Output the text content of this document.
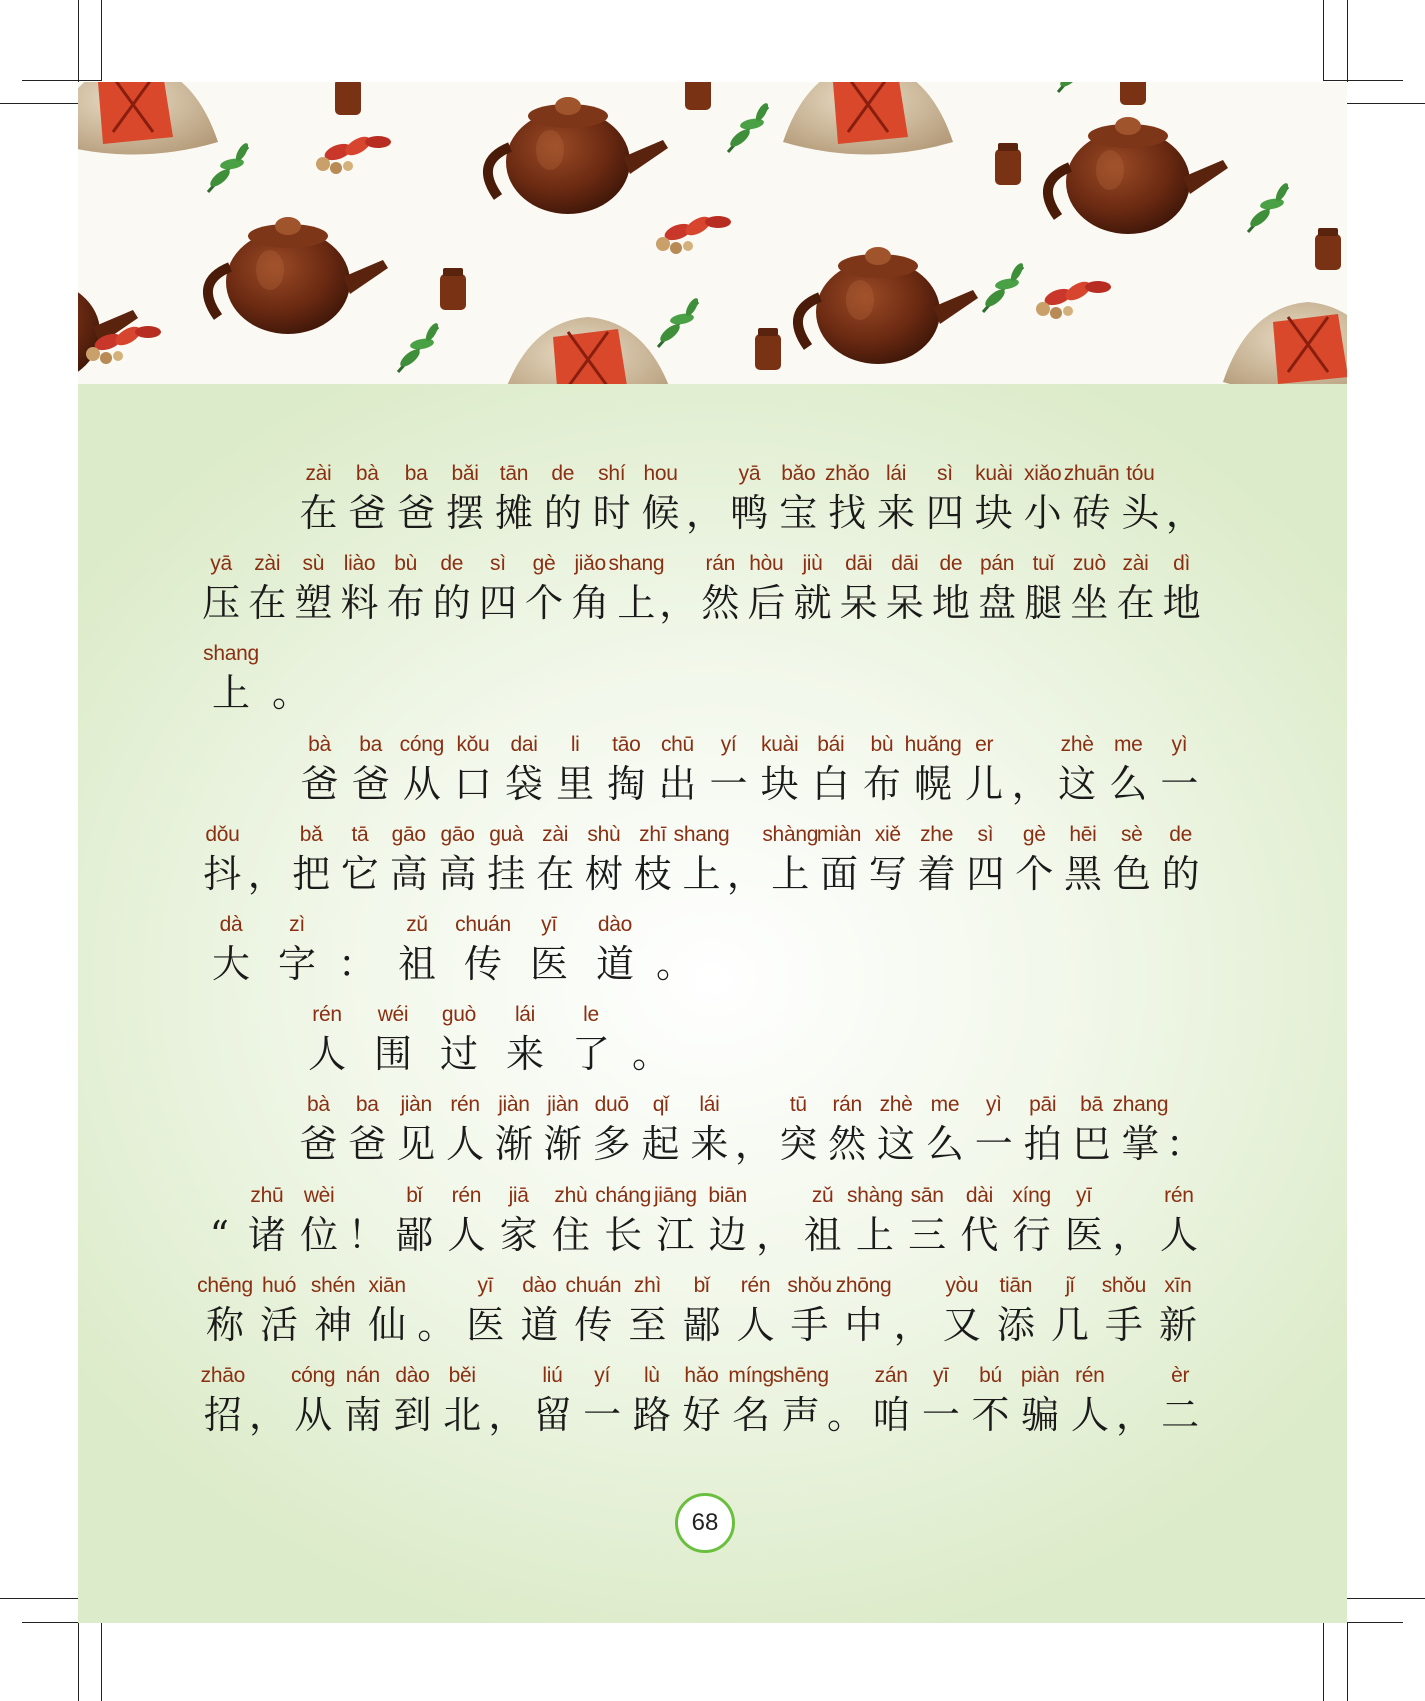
zài
在
bà
爸
ba
爸
bǎi
摆
tān
摊
de
的
shí
时
hou
候 ，
yā
鸭
bǎo
宝
zhǎo
找
lái
来
sì
四
kuài
块
xiǎo
小
zhuān
砖
tóu
头 ，
yā
压
zài
在
sù
塑
liào
料
bù
布
de
的
sì
四
gè
个
jiǎo
角
shang
上 ，
rán
然
hòu
后
jiù
就
dāi
呆
dāi
呆
de
地
pán
盘
tuǐ
腿
zuò
坐
zài
在
dì
地
shang
上 。
bà
爸
ba
爸
cóng
从
kǒu
口
dai
袋
li
里
tāo
掏
chū
出
yí
一
kuài
块
bái
白
bù
布
huǎng
幌
er
儿 ，
zhè
这
me
么
yì
一
dǒu
抖 ，
bǎ
把
tā
它
gāo
高
gāo
高
guà
挂
zài
在
shù
树
zhī
枝
shang
上 ，
shàng
上
miàn
面
xiě
写
zhe
着
sì
四
gè
个
hēi
黑
sè
色
de
的
dà
大
zì
字 ：
zǔ
祖
chuán
传
yī
医
dào
道 。
rén
人
wéi
围
guò
过
lái
来
le
了 。
bà
爸
ba
爸
jiàn
见
rén
人
jiàn
渐
jiàn
渐
duō
多
qǐ
起
lái
来 ，
tū
突
rán
然
zhè
这
me
么
yì
一
pāi
拍
bā
巴
zhang
掌 ：
“
zhū
诸
wèi
位 ！
bǐ
鄙
rén
人
jiā
家
zhù
住
cháng
长
jiāng
江
biān
边 ，
zǔ
祖
shàng
上
sān
三
dài
代
xíng
行
yī
医 ，
rén
人
chēng
称
huó
活
shén
神
xiān
仙 。
yī
医
dào
道
chuán
传
zhì
至
bǐ
鄙
rén
人
shǒu
手
zhōng
中 ，
yòu
又
tiān
添
jǐ
几
shǒu
手
xīn
新
zhāo
招 ，
cóng
从
nán
南
dào
到
běi
北 ，
liú
留
yí
一
lù
路
hǎo
好
míng
名
shēng
声 。
zán
咱
yī
一
bú
不
piàn
骗
rén
人 ，
èr
二
68
